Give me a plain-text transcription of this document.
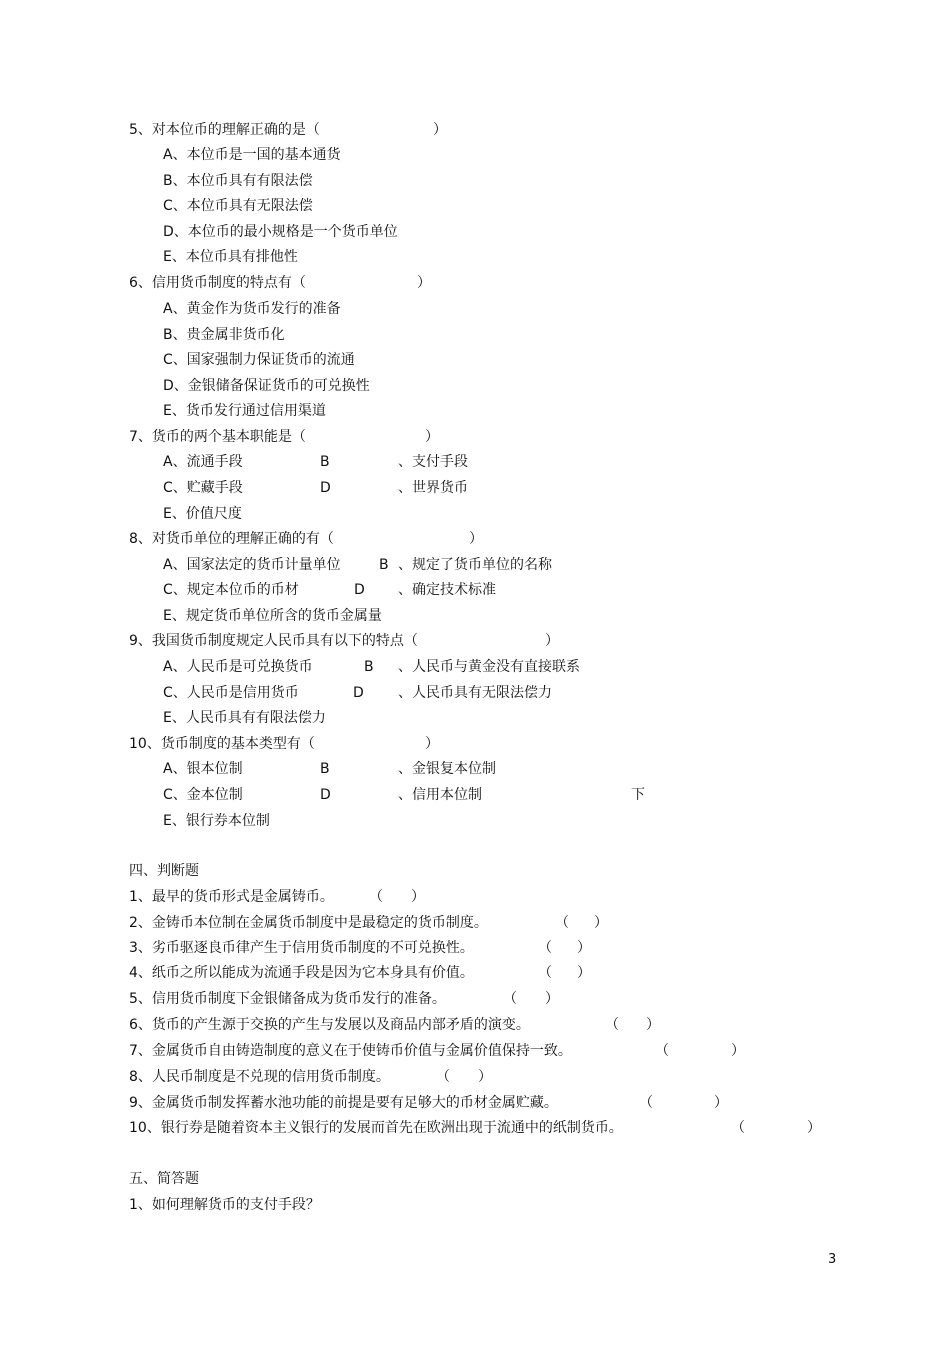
5、对本位币的理解正确的是（	）
A、本位币是一国的基本通货
B、本位币具有有限法偿
C、本位币具有无限法偿
D、本位币的最小规格是一个货币单位
E、本位币具有排他性
6、信用货币制度的特点有（	）
A、黄金作为货币发行的准备
B、贵金属非货币化
C、国家强制力保证货币的流通
D、金银储备保证货币的可兑换性
E、货币发行通过信用渠道
7、货币的两个基本职能是（	）
A、流通手段	B	、支付手段
C、贮藏手段	D	、世界货币
E、价值尺度
8、对货币单位的理解正确的有（	）
A、国家法定的货币计量单位	B 、规定了货币单位的名称
C、规定本位币的币材	D 、确定技术标准
E、规定货币单位所含的货币金属量
9、我国货币制度规定人民币具有以下的特点（	）
A、人民币是可兑换货币	B 、人民币与黄金没有直接联系
C、人民币是信用货币	D 、人民币具有无限法偿力
E、人民币具有有限法偿力
10、货币制度的基本类型有（	）
A、银本位制	B	、金银复本位制
C、金本位制	D	、信用本位制	下
E、银行券本位制
四、判断题
1、最早的货币形式是金属铸币。	（ ）
2、金铸币本位制在金属货币制度中是最稳定的货币制度。	（ ）
3、劣币驱逐良币律产生于信用货币制度的不可兑换性。	（ ）
4、纸币之所以能成为流通手段是因为它本身具有价值。	（ ）
5、信用货币制度下金银储备成为货币发行的准备。	（ ）
6、货币的产生源于交换的产生与发展以及商品内部矛盾的演变。	（ ）
7、金属货币自由铸造制度的意义在于使铸币价值与金属价值保持一致。	（	）
8、人民币制度是不兑现的信用货币制度。	（ ）
9、金属货币制发挥蓄水池功能的前提是要有足够大的币材金属贮藏。	（	）
10、银行券是随着资本主义银行的发展而首先在欧洲出现于流通中的纸制货币。	（	）
五、简答题
1、如何理解货币的支付手段？
3
